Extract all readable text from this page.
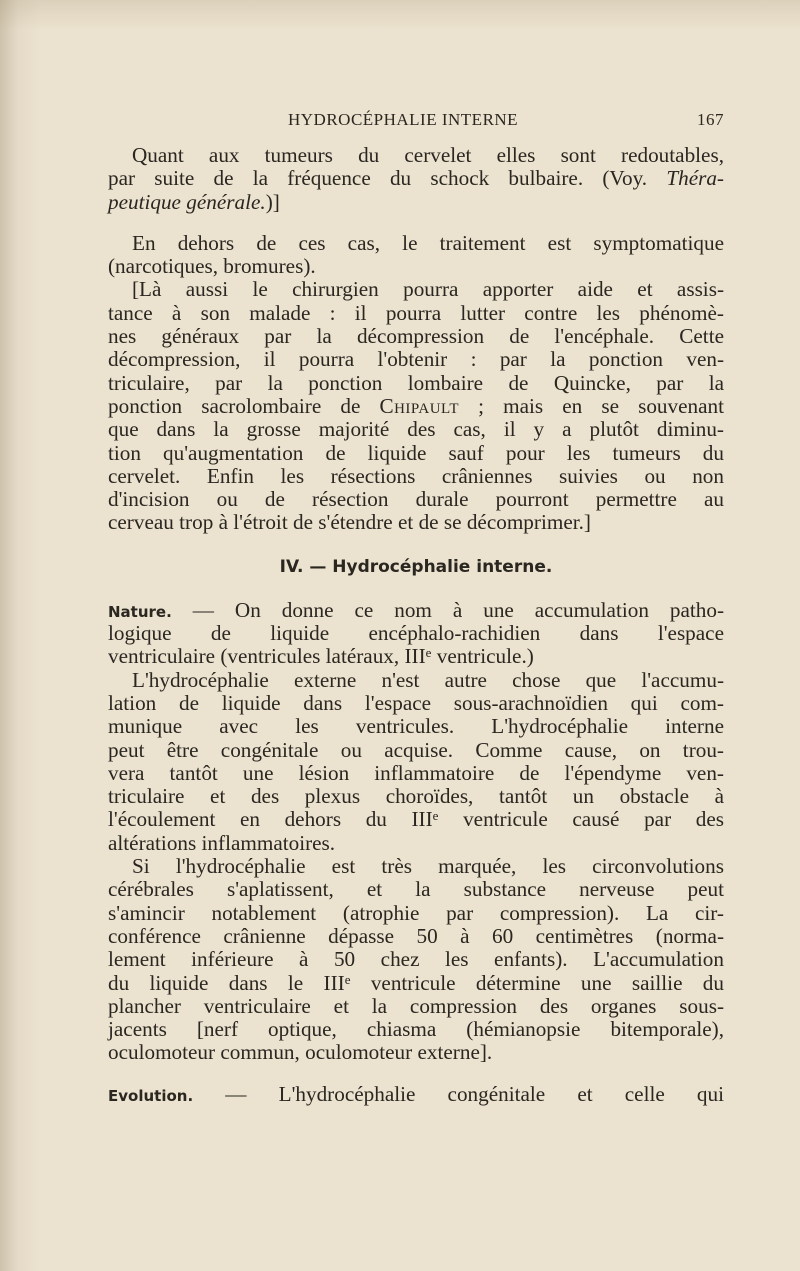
HYDROCÉPHALIE INTERNE	167
Quant aux tumeurs du cervelet elles sont redoutables,
par suite de la fréquence du schock bulbaire. (Voy. Théra-
peutique générale.)]
En dehors de ces cas, le traitement est symptomatique
(narcotiques, bromures).
[Là aussi le chirurgien pourra apporter aide et assis-
tance à son malade : il pourra lutter contre les phénomè-
nes généraux par la décompression de l'encéphale. Cette
décompression, il pourra l'obtenir : par la ponction ven-
triculaire, par la ponction lombaire de Quincke, par la
ponction sacrolombaire de Chipault ; mais en se souvenant
que dans la grosse majorité des cas, il y a plutôt diminu-
tion qu'augmentation de liquide sauf pour les tumeurs du
cervelet. Enfin les résections crâniennes suivies ou non
d'incision ou de résection durale pourront permettre au
cerveau trop à l'étroit de s'étendre et de se décomprimer.]
IV. — Hydrocéphalie interne.
Nature. — On donne ce nom à une accumulation patho-
logique de liquide encéphalo-rachidien dans l'espace
ventriculaire (ventricules latéraux, IIIe ventricule.)
L'hydrocéphalie externe n'est autre chose que l'accumu-
lation de liquide dans l'espace sous-arachnoïdien qui com-
munique avec les ventricules. L'hydrocéphalie interne
peut être congénitale ou acquise. Comme cause, on trou-
vera tantôt une lésion inflammatoire de l'épendyme ven-
triculaire et des plexus choroïdes, tantôt un obstacle à
l'écoulement en dehors du IIIe ventricule causé par des
altérations inflammatoires.
Si l'hydrocéphalie est très marquée, les circonvolutions
cérébrales s'aplatissent, et la substance nerveuse peut
s'amincir notablement (atrophie par compression). La cir-
conférence crânienne dépasse 50 à 60 centimètres (norma-
lement inférieure à 50 chez les enfants). L'accumulation
du liquide dans le IIIe ventricule détermine une saillie du
plancher ventriculaire et la compression des organes sous-
jacents [nerf optique, chiasma (hémianopsie bitemporale),
oculomoteur commun, oculomoteur externe].
Evolution. — L'hydrocéphalie congénitale et celle qui
